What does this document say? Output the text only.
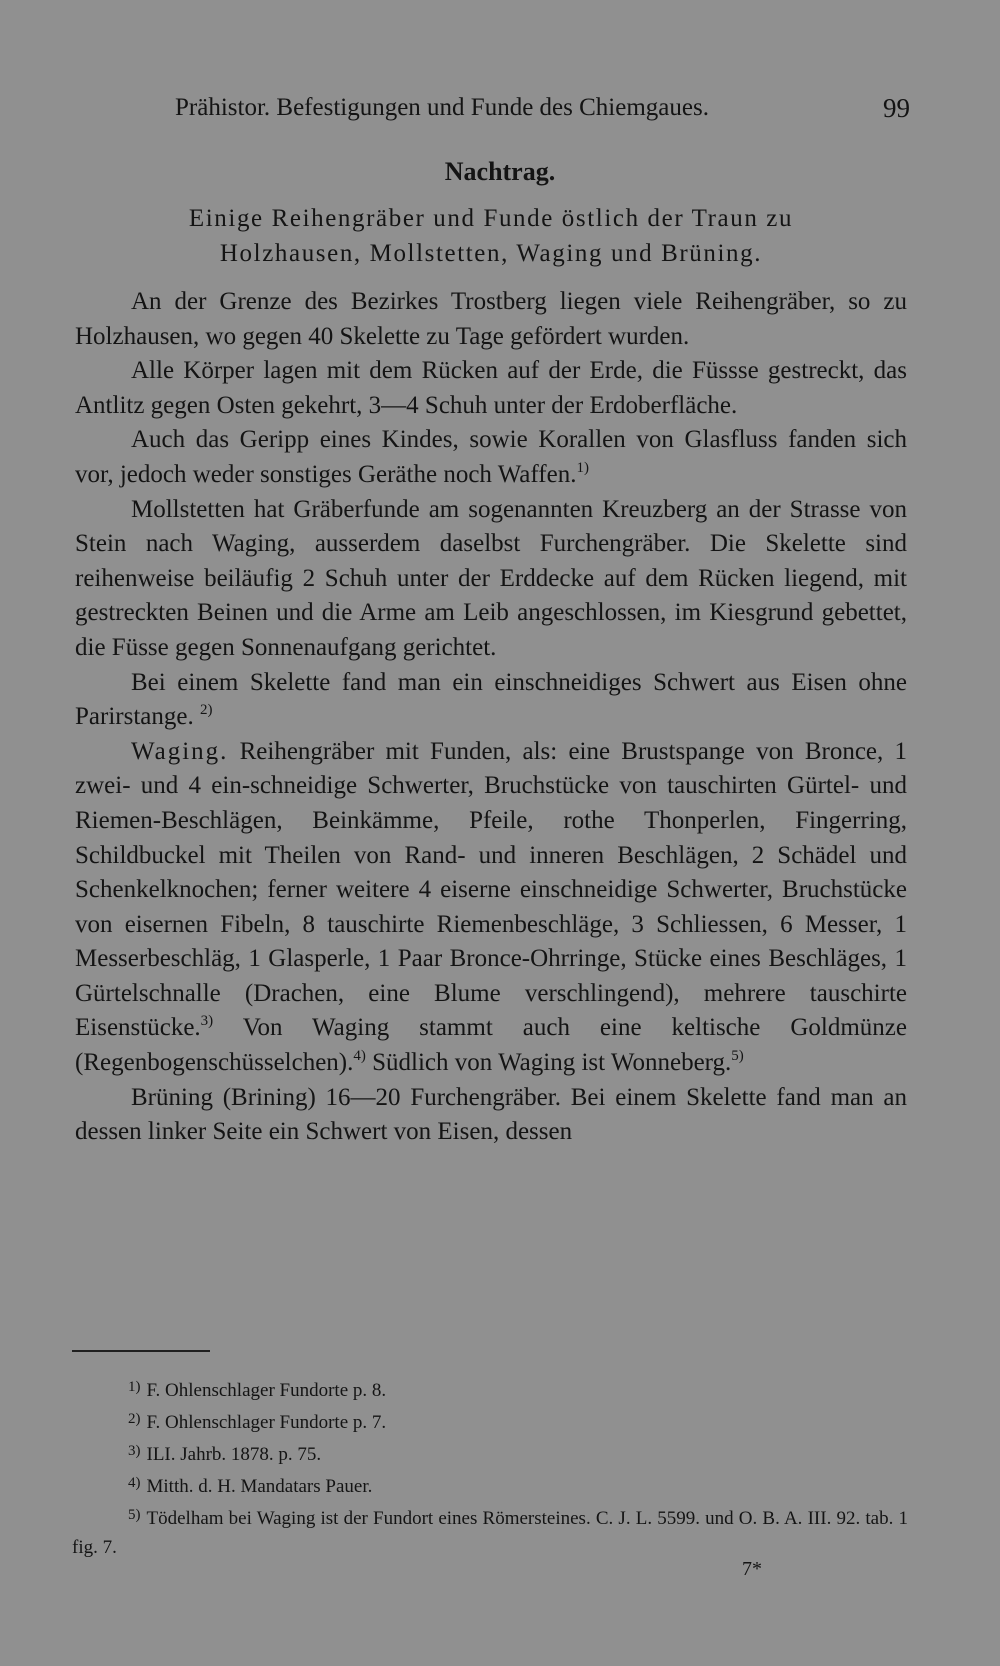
Prähistor. Befestigungen und Funde des Chiemgaues.	99
Nachtrag.
Einige Reihengräber und Funde östlich der Traun zu
Holzhausen, Mollstetten, Waging und Brüning.

An der Grenze des Bezirkes Trostberg liegen viele Reihengräber, so zu Holzhausen, wo gegen 40 Skelette zu Tage gefördert wurden.

Alle Körper lagen mit dem Rücken auf der Erde, die Füssse gestreckt, das Antlitz gegen Osten gekehrt, 3—4 Schuh unter der Erdoberfläche.

Auch das Geripp eines Kindes, sowie Korallen von Glasfluss fanden sich vor, jedoch weder sonstiges Geräthe noch Waffen.$^{1)}$

Mollstetten hat Gräberfunde am sogenannten Kreuzberg an der Strasse von Stein nach Waging, ausserdem daselbst Furchengräber. Die Skelette sind reihenweise beiläufig 2 Schuh unter der Erddecke auf dem Rücken liegend, mit gestreckten Beinen und die Arme am Leib angeschlossen, im Kiesgrund gebettet, die Füsse gegen Sonnenaufgang gerichtet.

Bei einem Skelette fand man ein einschneidiges Schwert aus Eisen ohne Parirstange. $^{2)}$

Waging. Reihengräber mit Funden, als: eine Brustspange von Bronce, 1 zwei- und 4 ein-schneidige Schwerter, Bruchstücke von tauschirten Gürtel- und Riemen-Beschlägen, Beinkämme, Pfeile, rothe Thonperlen, Fingerring, Schildbuckel mit Theilen von Rand- und inneren Beschlägen, 2 Schädel und Schenkelknochen; ferner weitere 4 eiserne einschneidige Schwerter, Bruchstücke von eisernen Fibeln, 8 tauschirte Riemenbeschläge, 3 Schliessen, 6 Messer, 1 Messerbeschläg, 1 Glasperle, 1 Paar Bronce-Ohrringe, Stücke eines Beschläges, 1 Gürtelschnalle (Drachen, eine Blume verschlingend), mehrere tauschirte Eisenstücke.$^{3)}$ Von Waging stammt auch eine keltische Goldmünze (Regenbogenschüsselchen).$^{4)}$ Südlich von Waging ist Wonneberg.$^{5)}$

Brüning (Brining) 16—20 Furchengräber. Bei einem Skelette fand man an dessen linker Seite ein Schwert von Eisen, dessen

$^{1)}$ F. Ohlenschlager Fundorte p. 8.

$^{2)}$ F. Ohlenschlager Fundorte p. 7.

$^{3)}$ ILI. Jahrb. 1878. p. 75.

$^{4)}$ Mitth. d. H. Mandatars Pauer.

$^{5)}$ Tödelham bei Waging ist der Fundort eines Römersteines. C. J. L. 5599. und O. B. A. III. 92. tab. 1 fig. 7.

7*
